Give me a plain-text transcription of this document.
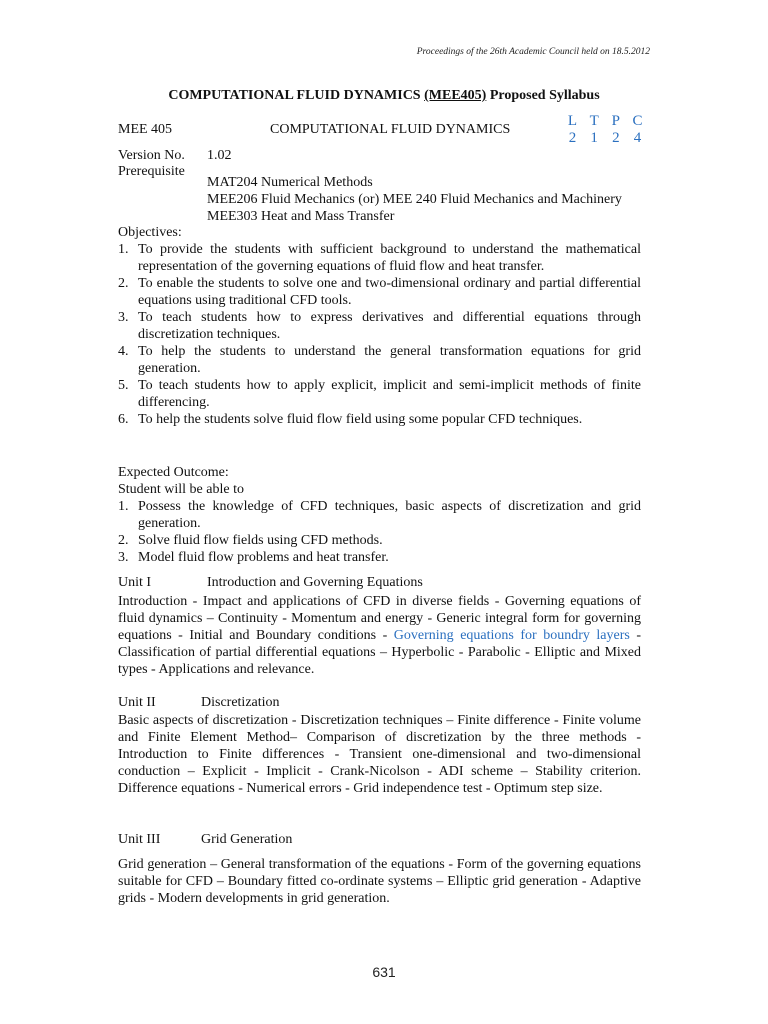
Proceedings of the 26th Academic Council held on 18.5.2012
COMPUTATIONAL FLUID DYNAMICS (MEE405) Proposed Syllabus
MEE 405	COMPUTATIONAL FLUID DYNAMICS
L T P C
2 1 2 4
Version No. 1.02
Prerequisite
MAT204 Numerical Methods
MEE206 Fluid Mechanics (or) MEE 240 Fluid Mechanics and Machinery
MEE303 Heat and Mass Transfer
Objectives:
1. To provide the students with sufficient background to understand the mathematical representation of the governing equations of fluid flow and heat transfer.
2. To enable the students to solve one and two-dimensional ordinary and partial differential equations using traditional CFD tools.
3. To teach students how to express derivatives and differential equations through discretization techniques.
4. To help the students to understand the general transformation equations for grid generation.
5. To teach students how to apply explicit, implicit and semi-implicit methods of finite differencing.
6. To help the students solve fluid flow field using some popular CFD techniques.
Expected Outcome:
Student will be able to
1. Possess the knowledge of CFD techniques, basic aspects of discretization and grid generation.
2. Solve fluid flow fields using CFD methods.
3. Model fluid flow problems and heat transfer.
Unit I	Introduction and Governing Equations
Introduction - Impact and applications of CFD in diverse fields - Governing equations of fluid dynamics – Continuity - Momentum and energy - Generic integral form for governing equations - Initial and Boundary conditions - Governing equations for boundry layers -Classification of partial differential equations – Hyperbolic - Parabolic - Elliptic and Mixed types - Applications and relevance.
Unit II	Discretization
Basic aspects of discretization - Discretization techniques – Finite difference - Finite volume and Finite Element Method– Comparison of discretization by the three methods - Introduction to Finite differences - Transient one-dimensional and two-dimensional conduction – Explicit - Implicit - Crank-Nicolson - ADI scheme – Stability criterion. Difference equations - Numerical errors - Grid independence test - Optimum step size.
Unit III	Grid Generation
Grid generation – General transformation of the equations - Form of the governing equations suitable for CFD – Boundary fitted co-ordinate systems – Elliptic grid generation - Adaptive grids - Modern developments in grid generation.
631
